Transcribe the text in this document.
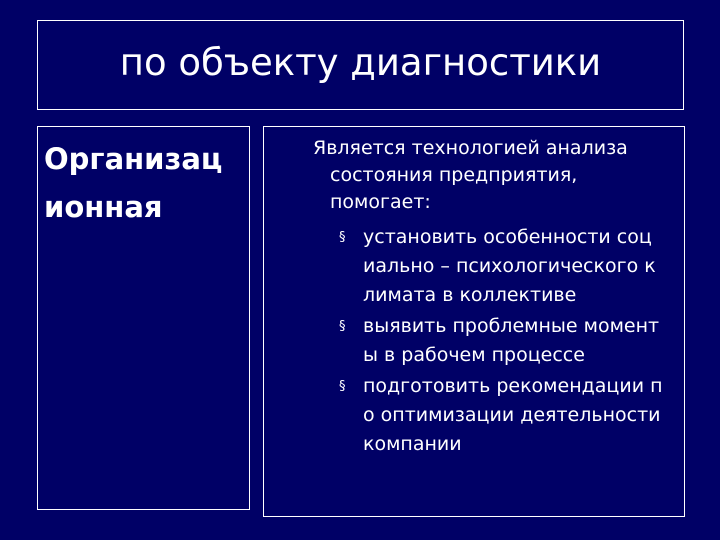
по объекту диагностики
Организационная
Является технологией анализа состояния предприятия, помогает:
§ установить особенности социально – психологического климата в коллективе
§ выявить проблемные моменты в рабочем процессе
§ подготовить рекомендации по оптимизации деятельности компании
